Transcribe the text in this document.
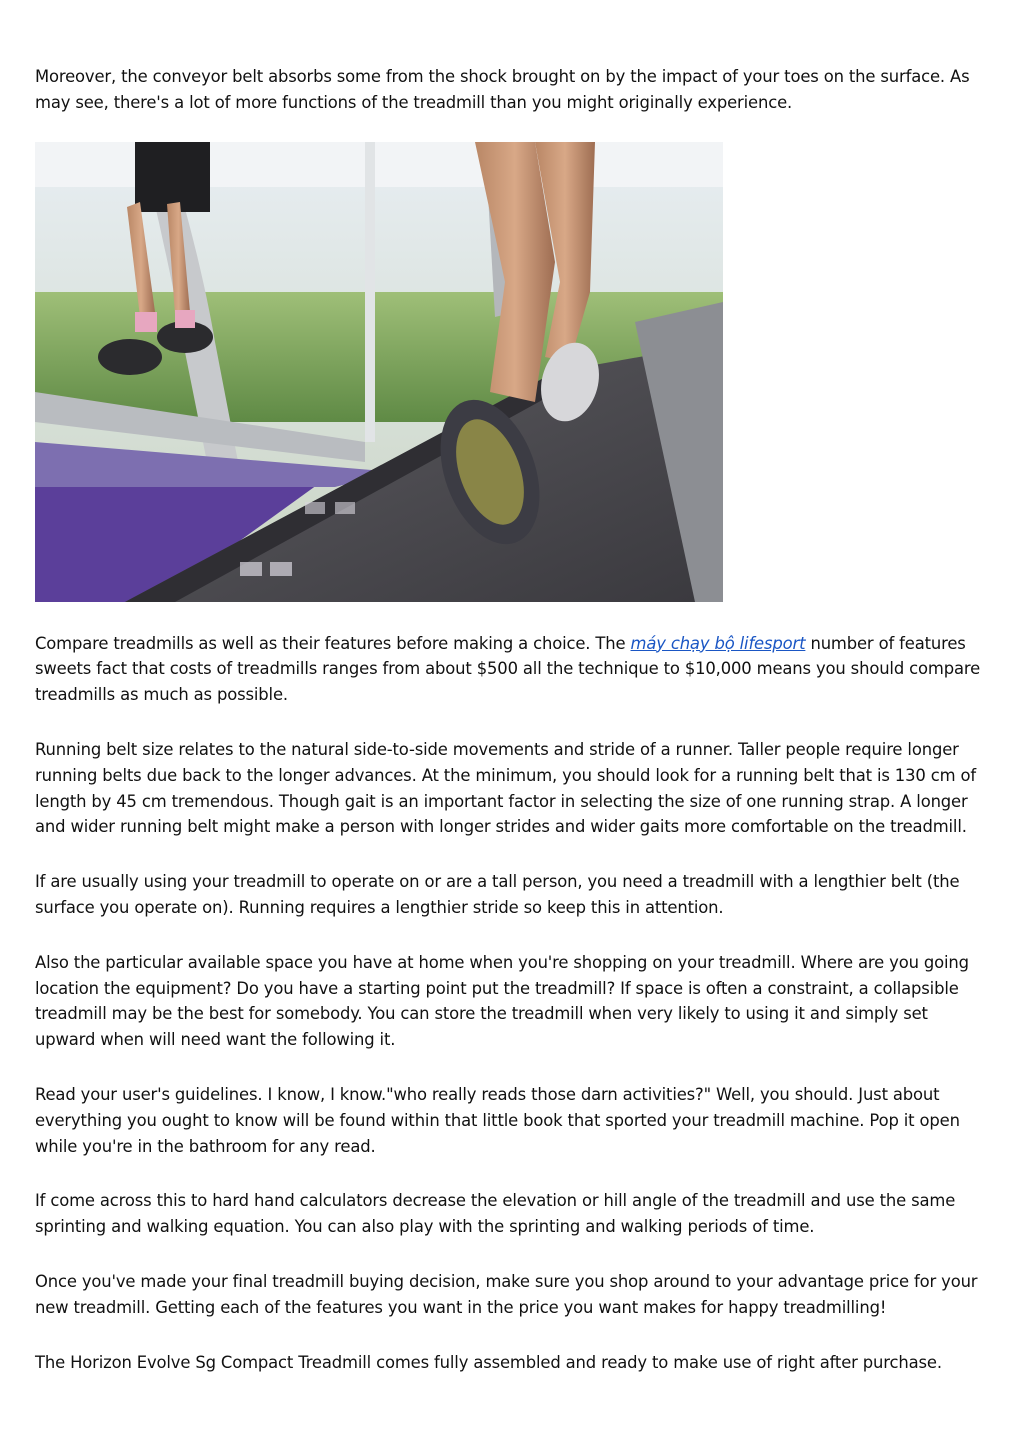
Moreover, the conveyor belt absorbs some from the shock brought on by the impact of your toes on the surface. As may see, there's a lot of more functions of the treadmill than you might originally experience.

Compare treadmills as well as their features before making a choice. The máy chạy bộ lifesport number of features sweets fact that costs of treadmills ranges from about $500 all the technique to $10,000 means you should compare treadmills as much as possible.

Running belt size relates to the natural side-to-side movements and stride of a runner. Taller people require longer running belts due back to the longer advances. At the minimum, you should look for a running belt that is 130 cm of length by 45 cm tremendous. Though gait is an important factor in selecting the size of one running strap. A longer and wider running belt might make a person with longer strides and wider gaits more comfortable on the treadmill.

If are usually using your treadmill to operate on or are a tall person, you need a treadmill with a lengthier belt (the surface you operate on). Running requires a lengthier stride so keep this in attention.

Also the particular available space you have at home when you're shopping on your treadmill. Where are you going location the equipment? Do you have a starting point put the treadmill? If space is often a constraint, a collapsible treadmill may be the best for somebody. You can store the treadmill when very likely to using it and simply set upward when will need want the following it.

Read your user's guidelines. I know, I know."who really reads those darn activities?" Well, you should. Just about everything you ought to know will be found within that little book that sported your treadmill machine. Pop it open while you're in the bathroom for any read.

If come across this to hard hand calculators decrease the elevation or hill angle of the treadmill and use the same sprinting and walking equation. You can also play with the sprinting and walking periods of time.

Once you've made your final treadmill buying decision, make sure you shop around to your advantage price for your new treadmill. Getting each of the features you want in the price you want makes for happy treadmilling!

The Horizon Evolve Sg Compact Treadmill comes fully assembled and ready to make use of right after purchase.
